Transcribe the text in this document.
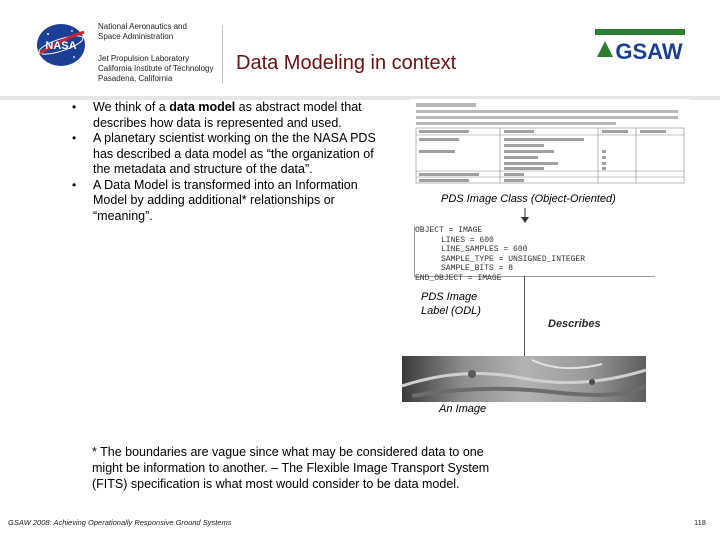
NASA
National Aeronautics and
Space Administration
Jet Propulsion Laboratory
California Institute of Technology
Pasadena, California
Data Modeling in context	GSAW
• We think of a data model as abstract model that describes how data is represented and used.
• A planetary scientist working on the the NASA PDS has described a data model as “the organization of the metadata and structure of the data”.
• A Data Model is transformed into an Information Model by adding additional* relationships or “meaning”.
PDS Image Class (Object-Oriented)
OBJECT = IMAGE
LINES = 600
LINE_SAMPLES = 600
SAMPLE_TYPE = UNSIGNED_INTEGER
SAMPLE_BITS = 8
END_OBJECT = IMAGE
PDS Image Label (ODL)
Describes
An Image
* The boundaries are vague since what may be considered data to one might be information to another. – The Flexible Image Transport System (FITS) specification is what most would consider to be data model.
GSAW 2008: Achieving Operationally Responsive Ground Systems	118
